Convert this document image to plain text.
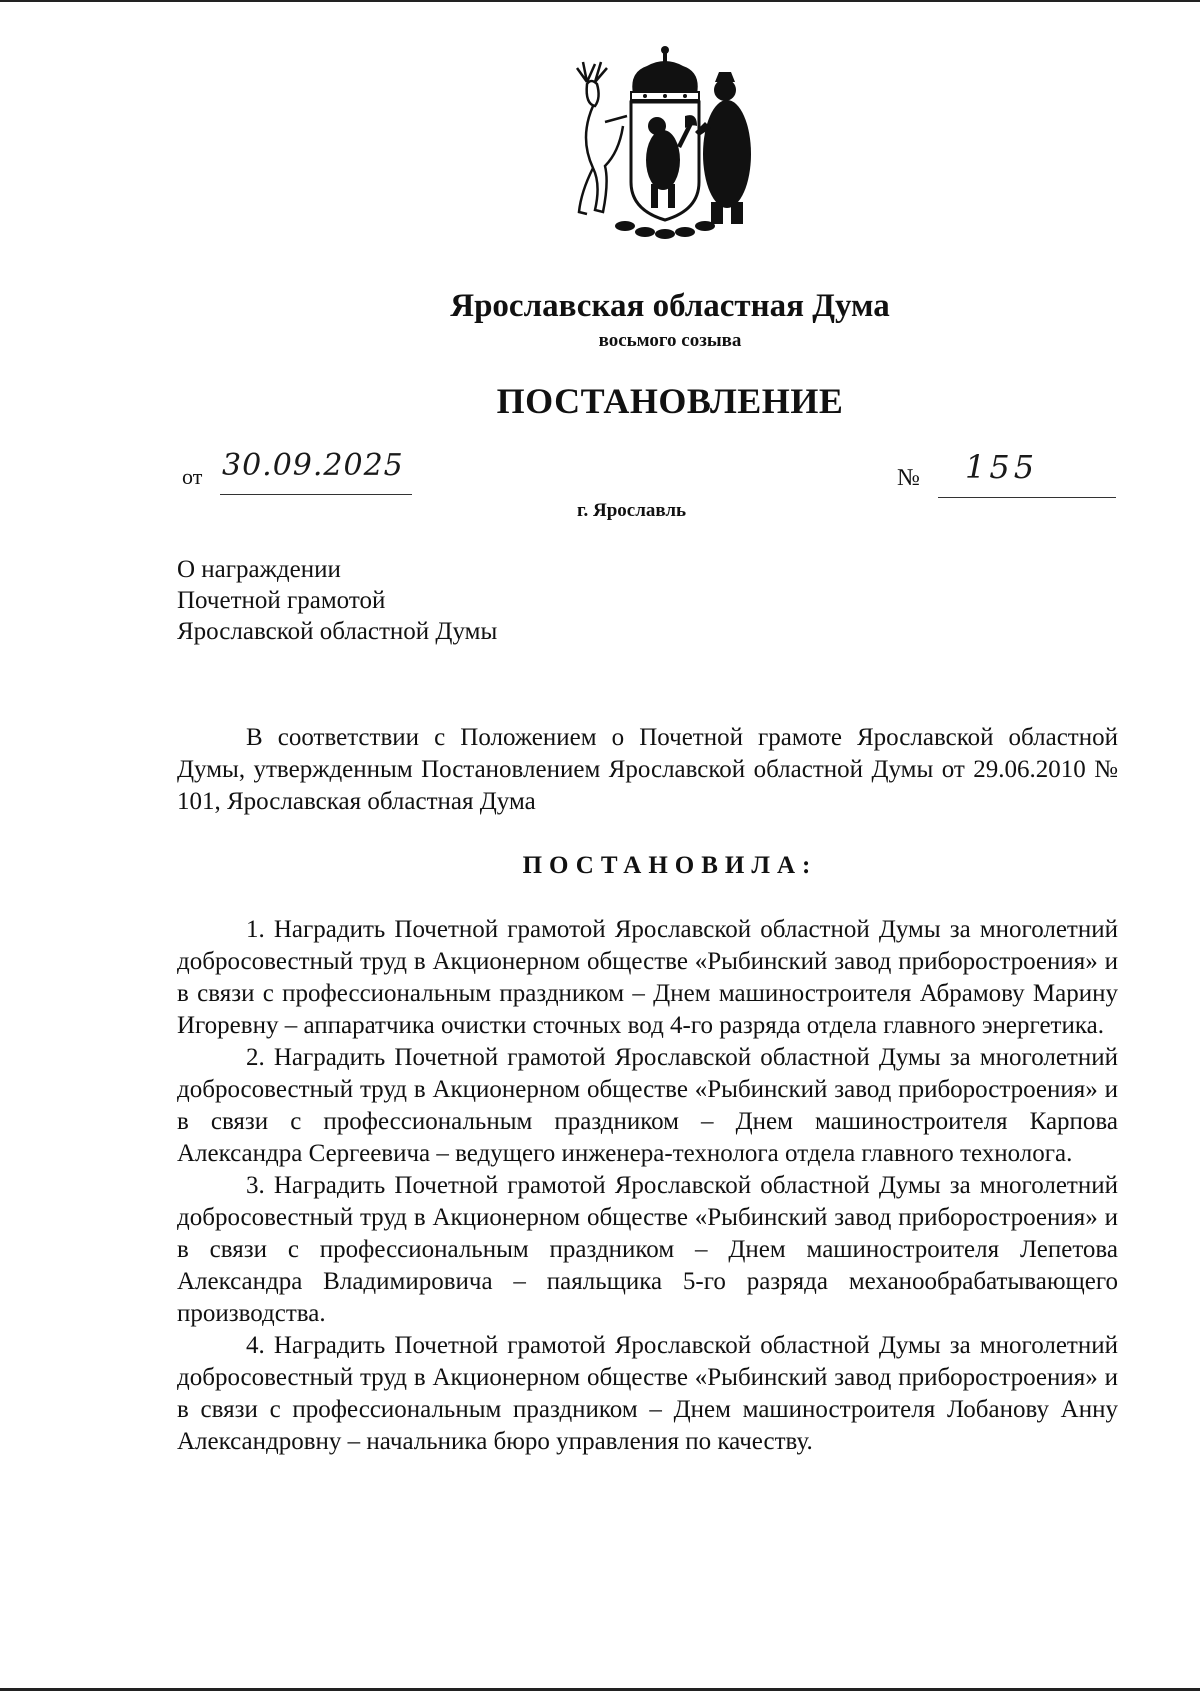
Ярославская областная Дума
восьмого созыва
ПОСТАНОВЛЕНИЕ
от 30.09.2025	№ 155
г. Ярославль
О награждении
Почетной грамотой
Ярославской областной Думы

В соответствии с Положением о Почетной грамоте Ярославской областной Думы, утвержденным Постановлением Ярославской областной Думы от 29.06.2010 № 101, Ярославская областная Дума

ПОСТАНОВИЛА:

1. Наградить Почетной грамотой Ярославской областной Думы за многолетний добросовестный труд в Акционерном обществе «Рыбинский завод приборостроения» и в связи с профессиональным праздником – Днем машиностроителя Абрамову Марину Игоревну – аппаратчика очистки сточных вод 4-го разряда отдела главного энергетика.

2. Наградить Почетной грамотой Ярославской областной Думы за многолетний добросовестный труд в Акционерном обществе «Рыбинский завод приборостроения» и в связи с профессиональным праздником – Днем машиностроителя Карпова Александра Сергеевича – ведущего инженера-технолога отдела главного технолога.

3. Наградить Почетной грамотой Ярославской областной Думы за многолетний добросовестный труд в Акционерном обществе «Рыбинский завод приборостроения» и в связи с профессиональным праздником – Днем машиностроителя Лепетова Александра Владимировича – паяльщика 5-го разряда механообрабатывающего производства.

4. Наградить Почетной грамотой Ярославской областной Думы за многолетний добросовестный труд в Акционерном обществе «Рыбинский завод приборостроения» и в связи с профессиональным праздником – Днем машиностроителя Лобанову Анну Александровну – начальника бюро управления по качеству.
